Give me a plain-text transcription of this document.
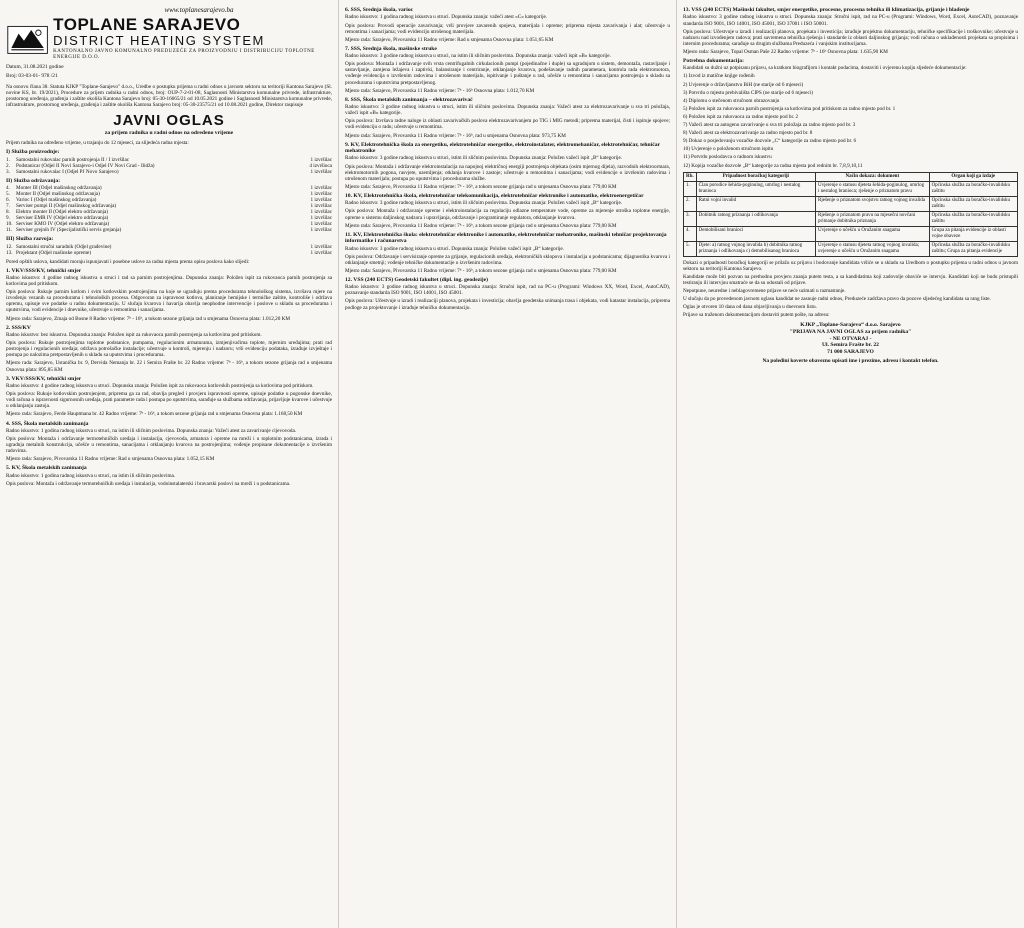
www.toplanesarajevo.ba
TOPLANE SARAJEVO
DISTRICT HEATING SYSTEM
KANTONALNO JAVNO KOMUNALNO PREDUZEĆE ZA PROIZVODNJU I DISTRIBUCIJU TOPLOTNE ENERGIJE D.O.O.
Datum, 31.08.2021 godine
Broj: 03-03-01- 978 /21

Na osnovu člana 38. Statuta KJKP "Toplane-Sarajevo" d.o.o., Uredbe o postupku prijema u radni odnos u javnom sektoru na teritoriji Kantona Sarajevo (Sl. novine KS, br. 19/2021), Procedure za prijem radnika u radni odnos, broj: OUP-7-2-01-08, Saglasnosti Ministarstva komunalne privrede, infrastrukture, prostornog uređenja, građenja i zaštite okoliša Kantona Sarajevo broj: 05-30-16665/21 od 10.05.2021 godine i Saglasnosti Ministarstva komunalne privrede, infrastrukture, prostornog uređenja, građenja i zaštite okoliša Kantona Sarajevo broj: 05-30-23575/21 od 10.08.2021 godine, Direktor raspisuje

JAVNI OGLAS
za prijem radnika u radni odnos na određeno vrijeme

Prijem radnika na određeno vrijeme, u trajanju do 12 mjeseci, za slijedeća radna mjesta:

I) Služba proizvodnje:
1.	Samostalni rukovalac parnih postrojenja II / I izvršilac	1 izvršilac
2.	Podstanicar (Odjel II Novi Sarajevo-i Odjel IV Novi Grad - Ilidža)	4 izvršioca
3.	Samostalni rukovalac I (Odjel PJ Novo Sarajevo)	1 izvršilac
II) Služba održavanja:
4.	Monter III (Odjel mašinskog održavanja)	1 izvršilac
5.	Monter II (Odjel mašinskog održavanja)	1 izvršilac
6.	Varioc I (Odjel mašinskog održavanja)	1 izvršilac
7.	Serviser pumpi II (Odjel mašinskog održavanja)	1 izvršilac
8.	Elektro monter II (Odjel elektro održavanja)	1 izvršilac
9.	Serviser EMR IV (Odjel elektro održavanja)	1 izvršilac
10. Serviser KMO IV (Odjel elektro održavanja)	1 izvršilac
11. Serviser grejnih IV (Specijalistički servis grejanja)	1 izvršilac
III) Služba razvoja:
12. Samostalni stručni saradnik (Odjel građevine)	1 izvršilac
13. Projektant (Odjel mašinske opreme)	1 izvršilac

Pored opštih uslova, kandidati moraju ispunjavati i posebne uslove za radna mjesta prema opisu poslova kako slijedi:

1. VKV/SSS/KV, tehnički smjer

Radno iskustvo: 4 godine radnog iskustva u struci i rad sa parnim postrojenjima. Dopunska znanja: Položen ispit za rukovaoca parnih postrojenja sa kotlovima pod pritiskom.

Opis poslova: Rukuje parnim kotlom i svim kotlovskim postrojenjima na koje se ugrađuju prema procedurama tehnološkog sistema, izvršava mjere na izvođenju vezanih sa procedurama i tehnoloških procesa. Odgovoran za ispravnost kotlova, planiranje hemijske i termičke zaštite, kontroliše i održava opremu, upisuje sve podatke u radnu dokumentaciju. U slučaju kvarova i havarija obavlja neophodne intervencije i poslove u skladu sa procedurama i uputstvima, vodi evidencije i dnevnike, učestvuje u remontima i sanacijama.

Mjesto rada: Sarajevo, Zmaja od Bosne 8 Radno vrijeme: 7ʰ - 16ʰ, a tokom sezone grijanja rad u smjenama Osnovna plata: 1.012,20 KM

2. SSS/KV

Radno iskustvo: bez iskustva. Dopunska znanja: Položen ispit za rukovaoca parnih postrojenja sa kotlovima pod pritiskom.

Opis poslova: Rukuje postrojenjima toplotne podstanice, pumpama, regulacionim armaturama, izmjenjivačima toplote, mjernim uređajima; prati rad postrojenja i regulacionih uređaja; održava potrošačke instalacije; učestvuje u kontroli, mjerenju i nadzoru; vrši evidenciju podataka, izrađuje izvještaje i postupa po nalozima pretpostavljenih u skladu sa uputstvima i procedurama.

Mjesto rada: Sarajevo, Ustanička br. 9, Dervida Nemanja br. 22 i Semira Frašte br. 22 Radno vrijeme: 7ʰ - 16ʰ, a tokom sezone grijanja rad u smjenama Osnovna plata: 895,85 KM

3. VKV/SSS/KV, tehnički smjer

Radno iskustvo: 4 godine radnog iskustva u struci. Dopunska znanja: Položen ispit za rukovaoca kotlovskih postrojenja sa kotlovima pod pritiskom.

Opis poslova: Rukuje kotlovskim postrojenjem, priprema ga za rad, obavlja pregled i provjeru ispravnosti opreme, upisuje podatke u pogonske dnevnike, vodi računa o ispravnosti sigurnosnih uređaja, prati parametre rada i postupa po uputstvima, sarađuje sa službama održavanja, prijavljuje kvarove i učestvuje u otklanjanju zastoja.

Mjesto rada: Sarajevo, Ferde Hauptmana br. 42 Radno vrijeme: 7ʰ - 16ʰ, a tokom sezone grijanja rad u smjenama Osnovna plata: 1.168,50 KM

4. SSS, Škola metalskih zanimanja

Radno iskustvo: 1 godina radnog iskustva u struci, na istim ili sličnim poslovima. Dopunska znanja: Važeći atest za zavarivanje cijevovoda.

Opis poslova: Montaža i održavanje termotehničkih uređaja i instalacija, cjevovoda, armatura i opreme na mreži i u toplotnim podstanicama, izrada i ugradnja metalnih konstrukcija, učešće u remontima, sanacijama i otklanjanju kvarova na postrojenjima; vođenje propisane dokumentacije o izvršenim radovima.

Mjesto rada: Sarajevo, Pivovarska 11 Radno vrijeme: Rad u smjenama Osnovna plata: 1.052,15 KM

5. KV, Škola metalskih zanimanja

Radno iskustvo: 1 godina radnog iskustva u struci, na istim ili sličnim poslovima.

Opis poslova: Montaža i održavanje termotehničkih uređaja i instalacija, vodoinstalaterski i bravarski poslovi na mreži i u podstanicama.

6. SSS, Srednja škola, varioc

Radno iskustvo: 1 godina radnog iskustva u struci. Dopunska znanja: važeći atest «C» kategorije.

Opis poslova: Provodi operacije zavarivanja; vrši provjere zavarenih spojeva, materijala i opreme; priprema mjesta zavarivanja i alat; učestvuje u remontima i sanacijama; vodi evidenciju utrošenog materijala.

Mjesto rada: Sarajevo, Pivovarska 11 Radno vrijeme: Rad u smjenama Osnovna plata: 1.051,65 KM

7. SSS, Srednja škola, mašinske struke

Radno iskustvo: 3 godine radnog iskustva u struci, na istim ili sličnim poslovima. Dopunska znanja: važeći ispit «B» kategorije.

Opis poslova: Montaža i održavanje svih vrsta centrifugalnih cirkulacionih pumpi (pojedinačne i duple) sa ugradnjom u sistem, demontaža, rastavljanje i sastavljanje, zamjena ležajeva i zaptivki, balansiranje i centriranje, otklanjanje kvarova, podešavanje radnih parametara, kontrola rada elektromotora, vođenje evidencija o izvršenim radovima i utrošenom materijalu, ispitivanje i puštanje u rad, učešće u remontima i sanacijama postrojenja u skladu sa procedurama i uputstvima pretpostavljenog.

Mjesto rada: Sarajevo, Pivovarska 11 Radno vrijeme: 7ʰ - 16ʰ Osnovna plata: 1.012,70 KM

8. SSS, Škola metalskih zanimanja – elektrozavarivač

Radno iskustvo: 3 godine radnog iskustva u struci, istim ili sličnim poslovima. Dopunska znanja: Važeći atest za elektrozavarivanje u sva tri položaja, važeći ispit «B» kategorije.

Opis poslova: Izvršava radne naloge iz oblasti zavarivačkih poslova elektrozavarivanjem po TIG i MIG metodi; priprema materijal, čisti i ispituje spojeve; vodi evidenciju o radu; učestvuje u remontima.

Mjesto rada: Sarajevo, Pivovarska 11 Radno vrijeme: 7ʰ - 16ʰ, rad u smjenama Osnovna plata: 973,75 KM

9. KV, Elektrotehnička škola za energetiku, elektrotehničar energetike, elektroinstalater, elektromehaničar, elektrotehničar, tehničar mehatronike

Radno iskustvo: 3 godine radnog iskustva u struci, istim ili sličnim poslovima. Dopunska znanja: Položen važeći ispit „B“ kategorije.

Opis poslova: Montaža i održavanje elektroinstalacija na napojnoj električnoj energiji postrojenja objekata (osim mjernog dijela), razvodnih elektroormara, elektromotornih pogona, rasvjete, uzemljenja; otklanja kvarove i zastoje; učestvuje u remontima i sanacijama; vodi evidencije o izvršenim radovima i utrošenom materijalu; postupa po uputstvima i procedurama službe.

Mjesto rada: Sarajevo, Pivovarska 11 Radno vrijeme: 7ʰ - 16ʰ, a tokom sezone grijanja rad u smjenama Osnovna plata: 779,00 KM

10. KV, Elektrotehnička škola, elektrotehničar telekomunikacija, elektrotehničar elektronike i automatike, elektroenergetičar

Radno iskustvo: 3 godine radnog iskustva u struci, istim ili sličnim poslovima. Dopunska znanja: Položen važeći ispit „B“ kategorije.

Opis poslova: Montaža i održavanje opreme i elektroinstalacija za regulaciju odlazne temperature vode, opreme za mjerenje utroška toplotne energije, opreme u sistemu daljinskog nadzora i upravljanja, održavanje i programiranje regulatora, otklanjanje kvarova.

Mjesto rada: Sarajevo, Pivovarska 11 Radno vrijeme: 7ʰ - 16ʰ, a tokom sezone grijanja rad u smjenama Osnovna plata: 779,00 KM

11. KV, Elektrotehnička škola: elektrotehničar elektronike i automatike, elektrotehničar mehatronike, mašinski tehničar projektovanja informatike i računarstva

Radno iskustvo: 3 godine radnog iskustva u struci. Dopunska znanja: Položen važeći ispit „B“ kategorije.

Opis poslova: Održavanje i servisiranje opreme za grijanje, regulacionih uređaja, elektroničkih sklopova i instalacija u podstanicama; dijagnostika kvarova i otklanjanje smetnji; vođenje tehničke dokumentacije o izvršenim radovima.

Mjesto rada: Sarajevo, Pivovarska 11 Radno vrijeme: 7ʰ - 16ʰ, a tokom sezone grijanja rad u smjenama Osnovna plata: 779,00 KM

12. VSS (240 ECTS) Geodetski fakultet (dipl. ing. geodezije)

Radno iskustvo: 3 godine radnog iskustva u struci. Dopunska znanja: Stručni ispit, rad na PC-u (Programi: Windows XX, Word, Excel, AutoCAD), poznavanje standarda ISO 9001, ISO 14001, ISO 45001.

Opis poslova: Učestvuje u izradi i realizaciji planova, projekata i investicija; obavlja geodetska snimanja trasa i objekata, vodi katastar instalacija, priprema podloge za projektovanje i izrađuje tehničku dokumentaciju.

13. VSS (240 ECTS) Mašinski fakultet, smjer energetike, procesne, procesna tehnika ili klimatizacija, grijanje i hlađenje

Radno iskustvo: 3 godine radnog iskustva u struci. Dopunska znanja: Stručni ispit, rad na PC-u (Programi: Windows, Word, Excel, AutoCAD), poznavanje standarda ISO 9001, ISO 14001, ISO 45001, ISO 37001 i ISO 50001.

Opis poslova: Učestvuje u izradi i realizaciji planova, projekata i investicija; izrađuje projektnu dokumentaciju, tehničke specifikacije i troškovnike; učestvuje u nadzoru nad izvođenjem radova; prati savremena tehnička rješenja i standarde iz oblasti daljinskog grijanja; vodi računa o usklađenosti projekata sa propisima i internim procedurama; sarađuje sa drugim službama Preduzeća i vanjskim institucijama.

Mjesto rada: Sarajevo, Topal Osman Paše 22 Radno vrijeme: 7ʰ - 16ʰ Osnovna plata: 1.635,90 KM

Potrebna dokumentacija:

Kandidati su dužni uz potpisanu prijavu, sa kratkom biografijom i kontakt podacima, dostaviti i ovjerenu kopiju sljedeće dokumentacije:

1) Izvod iz matične knjige rođenih

2) Uvjerenje o državljanstvu BiH (ne starije od 6 mjeseci)

3) Potvrdu o mjestu prebivališta CIPS (ne starije od 6 mjeseci)

4) Diplomu o stečenom stručnom obrazovanju

5) Položen ispit za rukovaoca parnih postrojenja sa kotlovima pod pritiskom za radno mjesto pod br. 1

6) Položen ispit za rukovaoca za radno mjesto pod br. 2

7) Važeći atest za autogeno zavarivanje u sva tri položaja za radno mjesto pod br. 3

8) Važeći atest za elektrozavarivanje za radno mjesto pod br. 8

9) Dokaz o posjedovanju vozačke dozvole „C“ kategorije za radno mjesto pod br. 6

10) Uvjerenje o položenom stručnom ispitu

11) Potvrdu poslodavca o radnom iskustvu

12) Kopija vozačke dozvole „B“ kategorije za radna mjesta pod rednim br. 7,8,9,10,11

Rb.	Pripadnost boračkoj kategoriji	Način dokaza: dokument	Organ koji ga izdaje
1.	Član porodice šehida-poginulog, umrlog i nestalog branioca	Uvjerenje o statusu djeteta šehida-poginulog, umrlog i nestalog branioca; rješenje o priznatom pravu	Općinska služba za boračko-invalidsku zaštitu
2.	Ratni vojni invalid	Rješenje o priznatom svojstvu ratnog vojnog invalida	Općinska služba za boračko-invalidsku zaštitu
3.	Dobitnik ratnog priznanja i odlikovanja	Rješenje o priznatom pravu na mjesečni novčani primanje dobitnika priznanja	Općinska služba za boračko-invalidsku zaštitu
4.	Demobilisani branioci	Uvjerenje o učešću u Oružanim snagama	Grupa za pitanja evidencije iz oblasti vojne obaveze
5.	Djete: a) ratnog vojnog invalida b) dobitnika ratnog priznanja i odlikovanja c) demobilisanog branioca	Uvjerenje o statusu djeteta ratnog vojnog invalida; uvjerenje o učešću u Oružanim snagama	Općinska služba za boračko-invalidsku zaštitu; Grupa za pitanja evidencije

Dokazi o pripadnosti boračkoj kategoriji se prilažu uz prijavu i bodovanje kandidata vršiće se u skladu sa Uredbom o postupku prijema u radni odnos u javnom sektoru na teritoriji Kantona Sarajevo.

Kandidate može biti pozvan na prethodnu provjeru znanja putem testa, a sa kandidatima koji zadovolje obaviće se intervju. Kandidati koji ne budu pristupili testiranju ili intervjuu smatraće se da su odustali od prijave.

Nepotpune, neuredne i neblagovremene prijave se neće uzimati u razmatranje.

U slučaju da po provedenom javnom oglasu kandidat ne zasnuje radni odnos, Preduzeće zadržava pravo da pozove sljedećeg kandidata sa rang liste.

Oglas je otvoren 10 dana od dana objavljivanja u dnevnom listu.

Prijave sa traženom dokumentacijom dostaviti putem pošte, na adresu:

KJKP „Toplane-Sarajevo“ d.o.o. Sarajevo
"PRIJAVA NA JAVNI OGLAS za prijem radnika"
- NE OTVARAJ -
Ul. Semira Frašte br. 22
71 000 SARAJEVO
Na poleđini koverte obavezno upisati ime i prezime, adresu i kontakt telefon.
